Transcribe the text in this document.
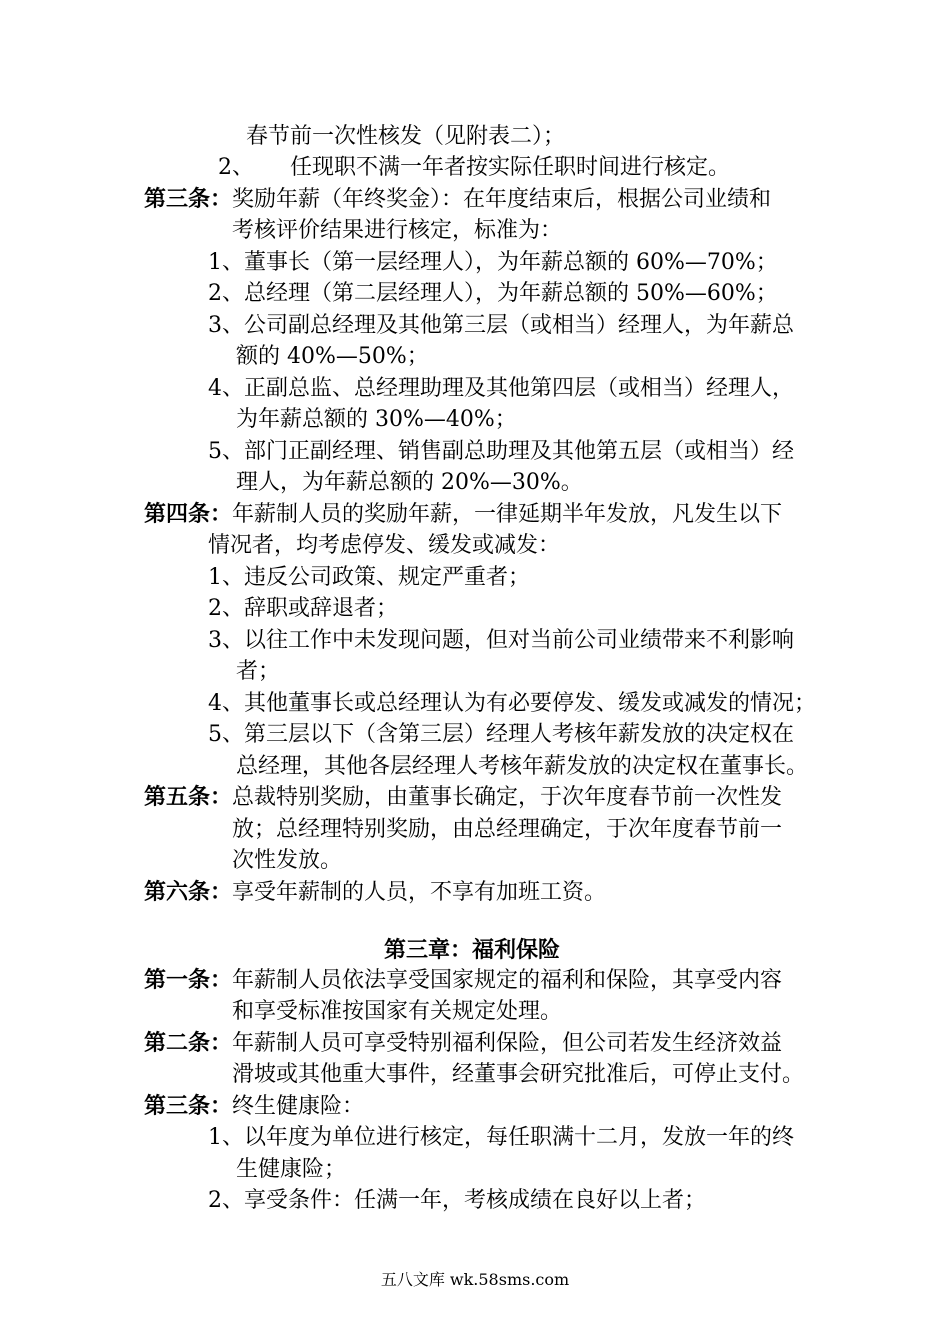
春节前一次性核发（见附表二）；
2、 任现职不满一年者按实际任职时间进行核定。
第三条：奖励年薪（年终奖金）：在年度结束后，根据公司业绩和
考核评价结果进行核定，标准为：
1、董事长（第一层经理人），为年薪总额的 60%—70%；
2、总经理（第二层经理人），为年薪总额的 50%—60%；
3、公司副总经理及其他第三层（或相当）经理人，为年薪总
额的 40%—50%；
4、正副总监、总经理助理及其他第四层（或相当）经理人，
为年薪总额的 30%—40%；
5、部门正副经理、销售副总助理及其他第五层（或相当）经
理人，为年薪总额的 20%—30%。
第四条：年薪制人员的奖励年薪，一律延期半年发放，凡发生以下
情况者，均考虑停发、缓发或减发：
1、违反公司政策、规定严重者；
2、辞职或辞退者；
3、以往工作中未发现问题，但对当前公司业绩带来不利影响
者；
4、其他董事长或总经理认为有必要停发、缓发或减发的情况；
5、第三层以下（含第三层）经理人考核年薪发放的决定权在
总经理，其他各层经理人考核年薪发放的决定权在董事长。
第五条：总裁特别奖励，由董事长确定，于次年度春节前一次性发
放；总经理特别奖励，由总经理确定，于次年度春节前一
次性发放。
第六条：享受年薪制的人员，不享有加班工资。
第三章：福利保险
第一条：年薪制人员依法享受国家规定的福利和保险，其享受内容
和享受标准按国家有关规定处理。
第二条：年薪制人员可享受特别福利保险，但公司若发生经济效益
滑坡或其他重大事件，经董事会研究批准后，可停止支付。
第三条：终生健康险：
1、以年度为单位进行核定，每任职满十二月，发放一年的终
生健康险；
2、享受条件：任满一年，考核成绩在良好以上者；
五八文库 wk.58sms.com
